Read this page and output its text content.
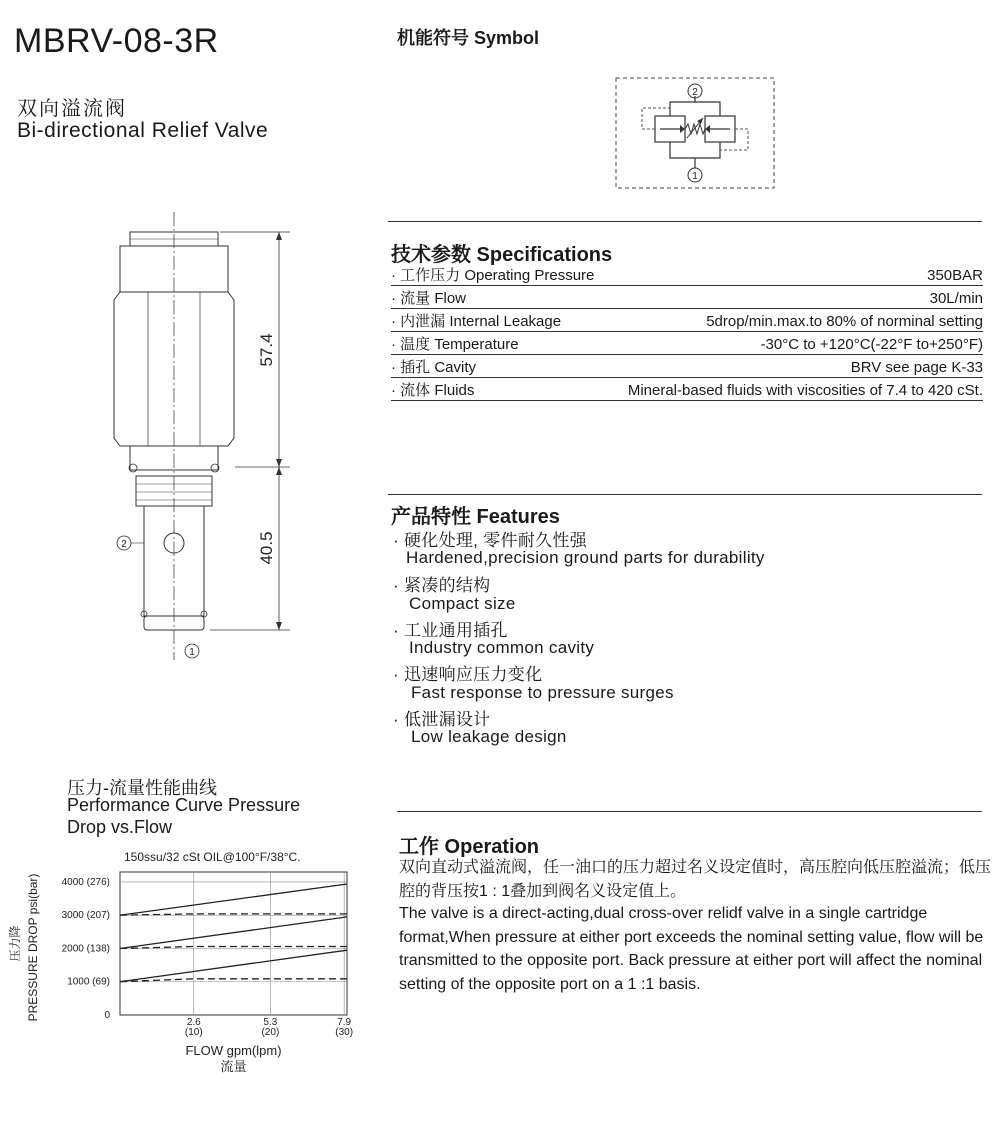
MBRV-08-3R
双向溢流阀
Bi-directional Relief Valve
机能符号 Symbol
2
1
57.4
40.5
2
1
技术参数 Specifications
· 工作压力 Operating Pressure	350BAR
· 流量 Flow	30L/min
· 内泄漏 Internal Leakage	5drop/min.max.to 80% of norminal setting
· 温度 Temperature	-30°C to +120°C(-22°F to+250°F)
· 插孔 Cavity	BRV see page K-33
· 流体 Fluids	Mineral-based fluids with viscosities of 7.4 to 420 cSt.
产品特性 Features
· 硬化处理, 零件耐久性强
Hardened,precision ground parts for durability
· 紧凑的结构
Compact size
· 工业通用插孔
Industry common cavity
· 迅速响应压力变化
Fast response to pressure surges
· 低泄漏设计
Low leakage design
工作 Operation
双向直动式溢流阀，任一油口的压力超过名义设定值时，高压腔向低压腔溢流；低压腔的背压按1 : 1叠加到阀名义设定值上。
The valve is a direct-acting,dual cross-over relidf valve in a single cartridge format,When pressure at either port exceeds the nominal setting value, flow will be transmitted to the opposite port. Back pressure at either port will affect the nominal setting of the opposite port on a 1 :1 basis.
压力-流量性能曲线
Performance Curve Pressure
Drop vs.Flow
0
1000 (69)
2000 (138)
3000 (207)
4000 (276)
2.6
(10)
5.3
(20)
7.9
(30)
150ssu/32 cSt OIL@100°F/38°C.
FLOW gpm(lpm)
流量
压力降 PRESSURE DROP psi(bar)
